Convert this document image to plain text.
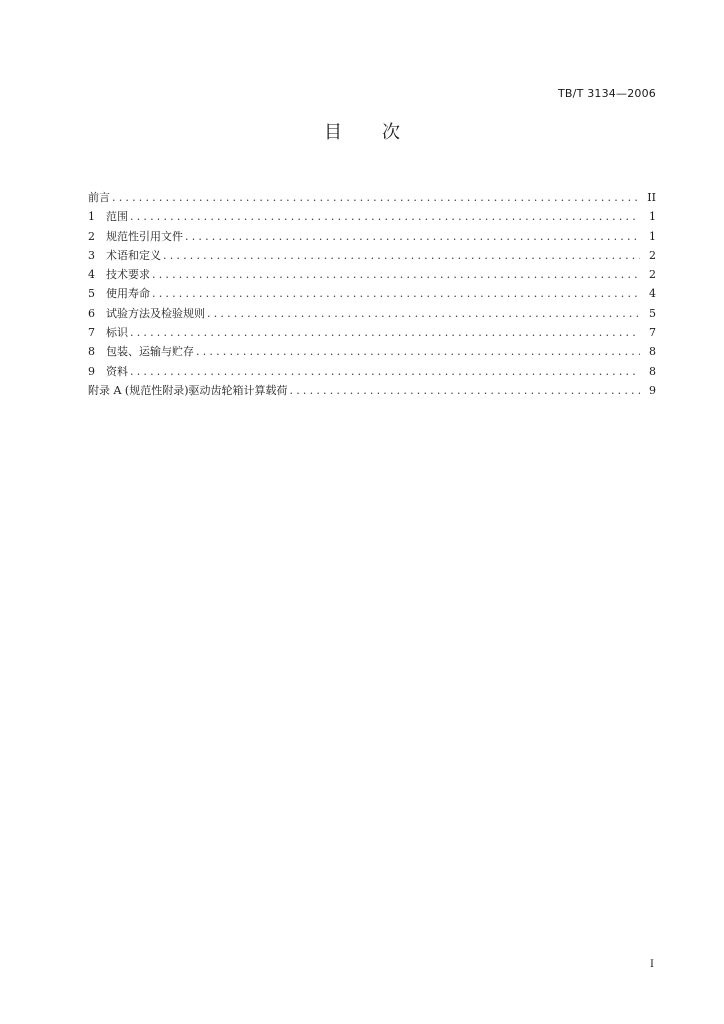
TB/T 3134—2006
目次
前言 .....	II
1	范围 .....	1
2	规范性引用文件 .....	1
3	术语和定义 .....	2
4	技术要求 .....	2
5	使用寿命 .....	4
6	试验方法及检验规则 .....	5
7	标识 .....	7
8	包装、运输与贮存 .....	8
9	资料 .....	8
附录 A (规范性附录)驱动齿轮箱计算载荷 .....	9
I
